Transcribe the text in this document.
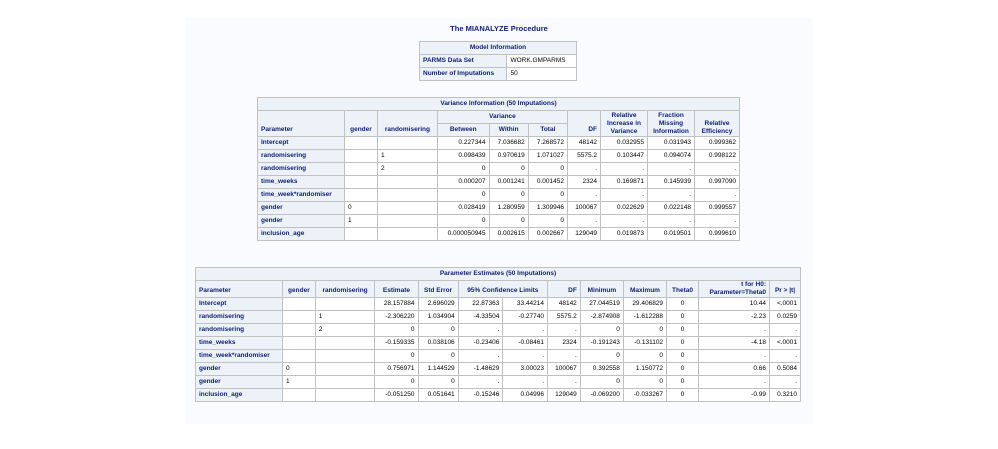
The MIANALYZE Procedure
Model Information	
PARMS Data Set	WORK.GMPARMS
Number of Imputations	50
Variance Information (50 Imputations)									
Parameter	gender	randomisering	Variance			DF	Relative Increase in Variance	Fraction Missing Information	Relative Efficiency
			Between	Within	Total				
Intercept			0.227344	7.036682	7.268572	48142	0.032955	0.031943	0.999362
randomisering		1	0.098439	0.970619	1.071027	5575.2	0.103447	0.094074	0.998122
randomisering		2	0	0	0	.	.	.	.
time_weeks			0.000207	0.001241	0.001452	2324	0.169871	0.145939	0.997090
time_week*randomiser			0	0	0	.	.	.	.
gender	0		0.028419	1.280959	1.309946	100067	0.022629	0.022148	0.999557
gender	1		0	0	0	.	.	.	.
inclusion_age			0.000050945	0.002615	0.002667	129049	0.019873	0.019501	0.999610
Parameter Estimates (50 Imputations)												
Parameter	gender	randomisering	Estimate	Std Error	95% Confidence Limits		DF	Minimum	Maximum	Theta0	t for H0: Parameter=Theta0	Pr > |t|
Intercept			28.157884	2.696029	22.87363	33.44214	48142	27.044519	29.406829	0	10.44	<.0001
randomisering		1	-2.306220	1.034904	-4.33504	-0.27740	5575.2	-2.874908	-1.612288	0	-2.23	0.0259
randomisering		2	0	0	.	.	.	0	0	0	.	.
time_weeks			-0.159335	0.038106	-0.23406	-0.08461	2324	-0.191243	-0.131102	0	-4.18	<.0001
time_week*randomiser			0	0	.	.	.	0	0	0	.	.
gender	0		0.756971	1.144529	-1.48629	3.00023	100067	0.392558	1.150772	0	0.66	0.5084
gender	1		0	0	.	.	.	0	0	0	.	.
inclusion_age			-0.051250	0.051641	-0.15246	0.04996	129049	-0.069200	-0.033267	0	-0.99	0.3210
